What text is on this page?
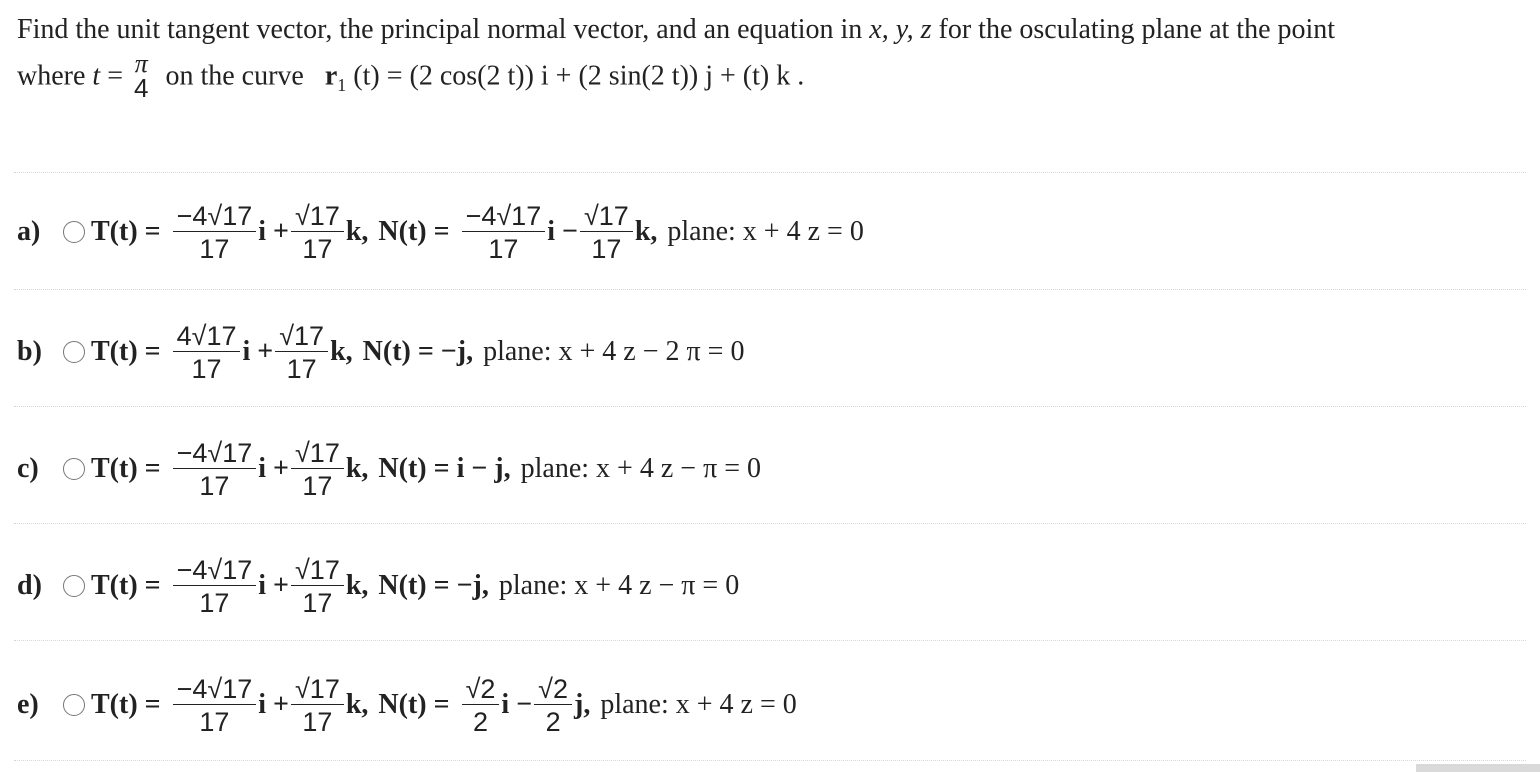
Find the unit tangent vector, the principal normal vector, and an equation in x, y, z for the osculating plane at the point
where t = π
4 on the curve $r_1$ (t) = (2 cos(2 t)) i + (2 sin(2 t)) j + (t) k .
a)	$T(t) = \frac{-4√17}{17}$ $i + \frac{√17}{17} k$, $N(t) = \frac{-4√17}{17}$ $i - \frac{√17}{17} k$, plane: x + 4 z = 0
b)	$T(t) = \frac{4√17}{17}$ $i + \frac{√17}{17} k$, N(t) = −j, plane: x + 4 z − 2 π = 0
c)	$T(t) = \frac{-4√17}{17}$ $i + \frac{√17}{17} k$, N(t) = i − j, plane: x + 4 z − π = 0
d)	$T(t) = \frac{-4√17}{17}$ $i + \frac{√17}{17} k$, N(t) = −j, plane: x + 4 z − π = 0
e)	$T(t) = \frac{-4√17}{17}$ $i + \frac{√17}{17} k$, $N(t) = \frac{√2}{2}$ $i - \frac{√2}{2} j$, plane: x + 4 z = 0
